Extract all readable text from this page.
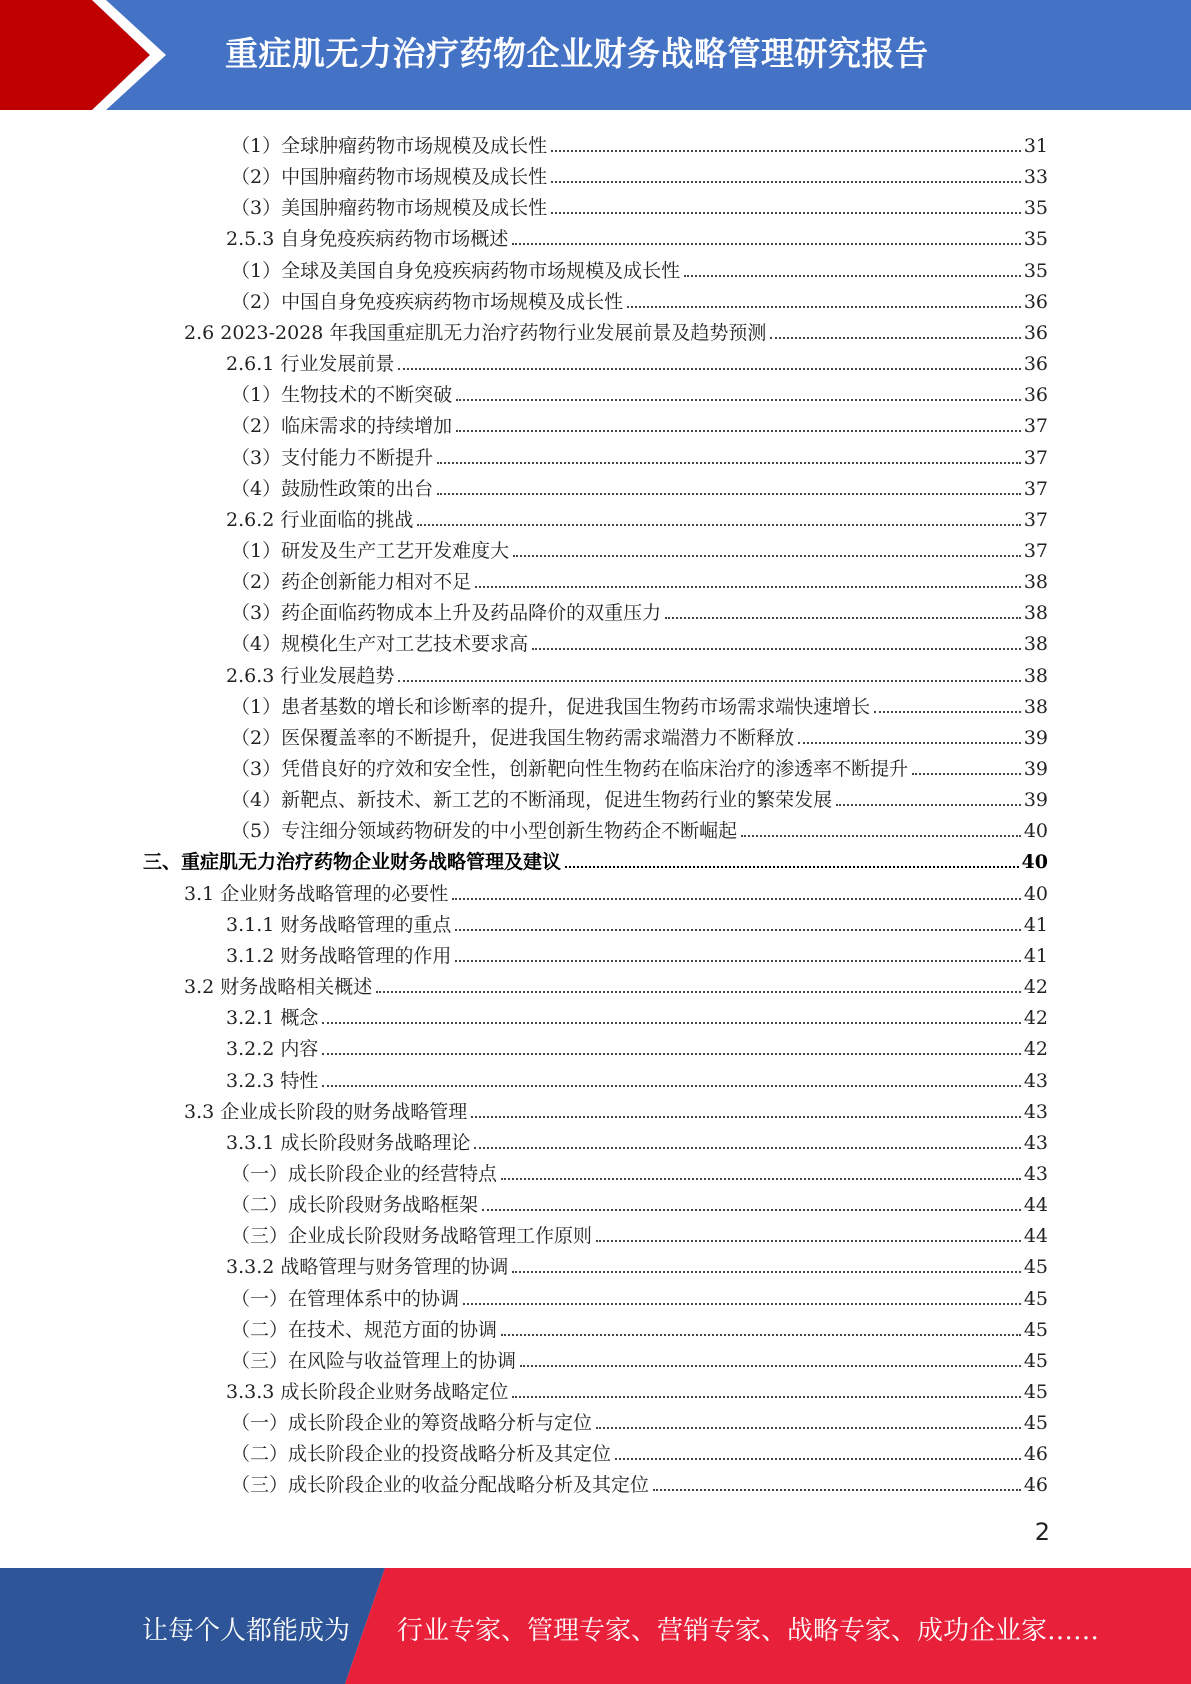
重症肌无力治疗药物企业财务战略管理研究报告
（1）全球肿瘤药物市场规模及成长性	31
（2）中国肿瘤药物市场规模及成长性	33
（3）美国肿瘤药物市场规模及成长性	35
2.5.3 自身免疫疾病药物市场概述	35
（1）全球及美国自身免疫疾病药物市场规模及成长性	35
（2）中国自身免疫疾病药物市场规模及成长性	36
2.6 2023-2028 年我国重症肌无力治疗药物行业发展前景及趋势预测	36
2.6.1 行业发展前景	36
（1）生物技术的不断突破	36
（2）临床需求的持续增加	37
（3）支付能力不断提升	37
（4）鼓励性政策的出台	37
2.6.2 行业面临的挑战	37
（1）研发及生产工艺开发难度大	37
（2）药企创新能力相对不足	38
（3）药企面临药物成本上升及药品降价的双重压力	38
（4）规模化生产对工艺技术要求高	38
2.6.3 行业发展趋势	38
（1）患者基数的增长和诊断率的提升，促进我国生物药市场需求端快速增长	38
（2）医保覆盖率的不断提升，促进我国生物药需求端潜力不断释放	39
（3）凭借良好的疗效和安全性，创新靶向性生物药在临床治疗的渗透率不断提升	39
（4）新靶点、新技术、新工艺的不断涌现，促进生物药行业的繁荣发展	39
（5）专注细分领域药物研发的中小型创新生物药企不断崛起	40
三、重症肌无力治疗药物企业财务战略管理及建议	40
3.1 企业财务战略管理的必要性	40
3.1.1 财务战略管理的重点	41
3.1.2 财务战略管理的作用	41
3.2 财务战略相关概述	42
3.2.1 概念	42
3.2.2 内容	42
3.2.3 特性	43
3.3 企业成长阶段的财务战略管理	43
3.3.1 成长阶段财务战略理论	43
（一）成长阶段企业的经营特点	43
（二）成长阶段财务战略框架	44
（三）企业成长阶段财务战略管理工作原则	44
3.3.2 战略管理与财务管理的协调	45
（一）在管理体系中的协调	45
（二）在技术、规范方面的协调	45
（三）在风险与收益管理上的协调	45
3.3.3 成长阶段企业财务战略定位	45
（一）成长阶段企业的筹资战略分析与定位	45
（二）成长阶段企业的投资战略分析及其定位	46
（三）成长阶段企业的收益分配战略分析及其定位	46
2
让每个人都能成为 行业专家、管理专家、营销专家、战略专家、成功企业家……
